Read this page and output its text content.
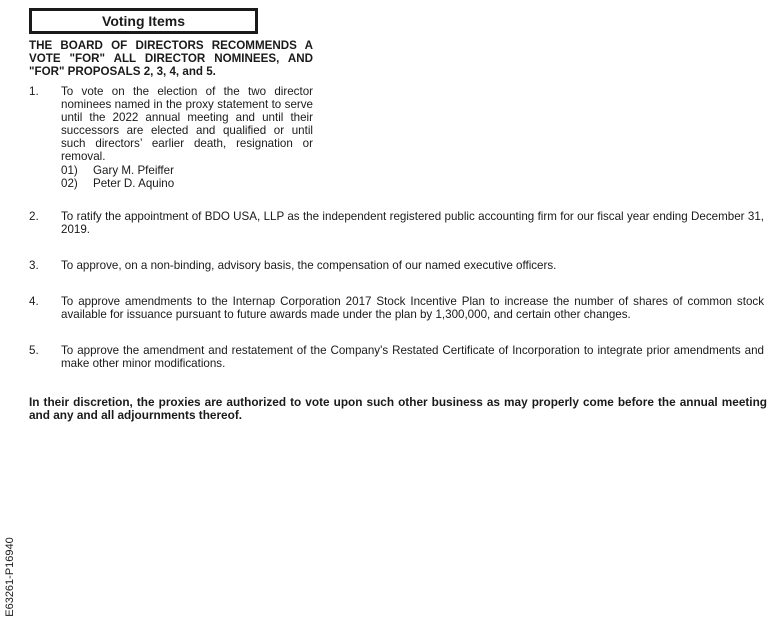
Voting Items
THE BOARD OF DIRECTORS RECOMMENDS A VOTE "FOR" ALL DIRECTOR NOMINEES, AND "FOR" PROPOSALS 2, 3, 4, and 5.
1. To vote on the election of the two director nominees named in the proxy statement to serve until the 2022 annual meeting and until their successors are elected and qualified or until such directors’ earlier death, resignation or removal.
01) Gary M. Pfeiffer
02) Peter D. Aquino
2. To ratify the appointment of BDO USA, LLP as the independent registered public accounting firm for our fiscal year ending December 31, 2019.
3. To approve, on a non-binding, advisory basis, the compensation of our named executive officers.
4. To approve amendments to the Internap Corporation 2017 Stock Incentive Plan to increase the number of shares of common stock available for issuance pursuant to future awards made under the plan by 1,300,000, and certain other changes.
5. To approve the amendment and restatement of the Company's Restated Certificate of Incorporation to integrate prior amendments and make other minor modifications.
In their discretion, the proxies are authorized to vote upon such other business as may properly come before the annual meeting and any and all adjournments thereof.
E63261-P16940
